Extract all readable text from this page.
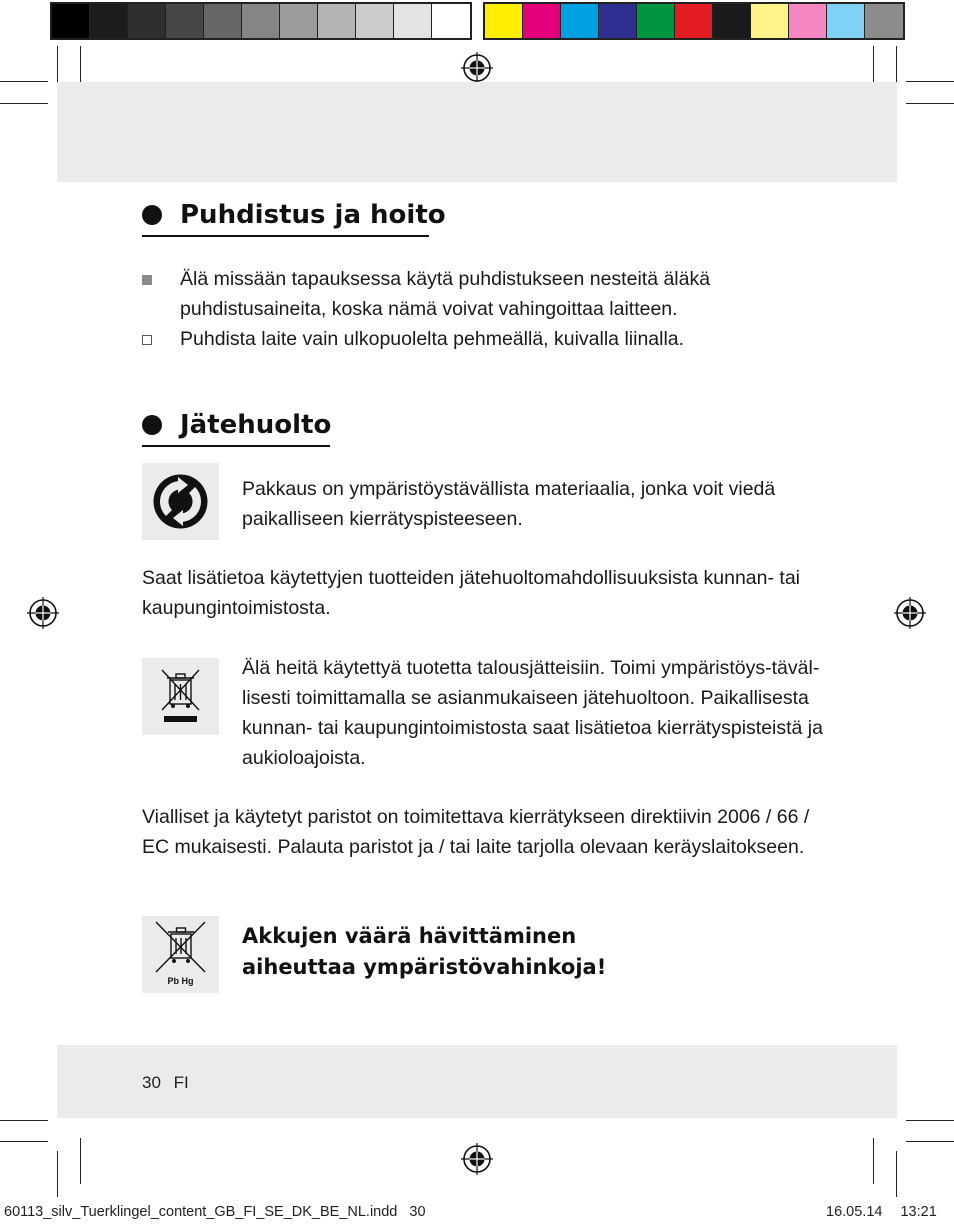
Puhdistus ja hoito
Älä missään tapauksessa käytä puhdistukseen nesteitä äläkä puhdistusaineita, koska nämä voivat vahingoittaa laitteen.
Puhdista laite vain ulkopuolelta pehmeällä, kuivalla liinalla.
Jätehuolto
Pakkaus on ympäristöystävällista materiaalia, jonka voit viedä paikalliseen kierrätyspisteeseen.
Saat lisätietoa käytettyjen tuotteiden jätehuoltomahdollisuuksista kunnan- tai kaupungintoimistosta.
Älä heitä käytettyä tuotetta talousjätteisiin. Toimi ympäristöys-täväl-lisesti toimittamalla se asianmukaiseen jätehuoltoon. Paikallisesta kunnan- tai kaupungintoimistosta saat lisätietoa kierrätyspisteistä ja aukioloajoista.
Vialliset ja käytetyt paristot on toimitettava kierrätykseen direktiivin 2006 / 66 / EC mukaisesti. Palauta paristot ja / tai laite tarjolla olevaan keräyslaitokseen.
Pb Hg
Akkujen väärä hävittäminen aiheuttaa ympäristövahinkoja!
30 FI
60113_silv_Tuerklingel_content_GB_FI_SE_DK_BE_NL.indd 30	16.05.14 13:21
